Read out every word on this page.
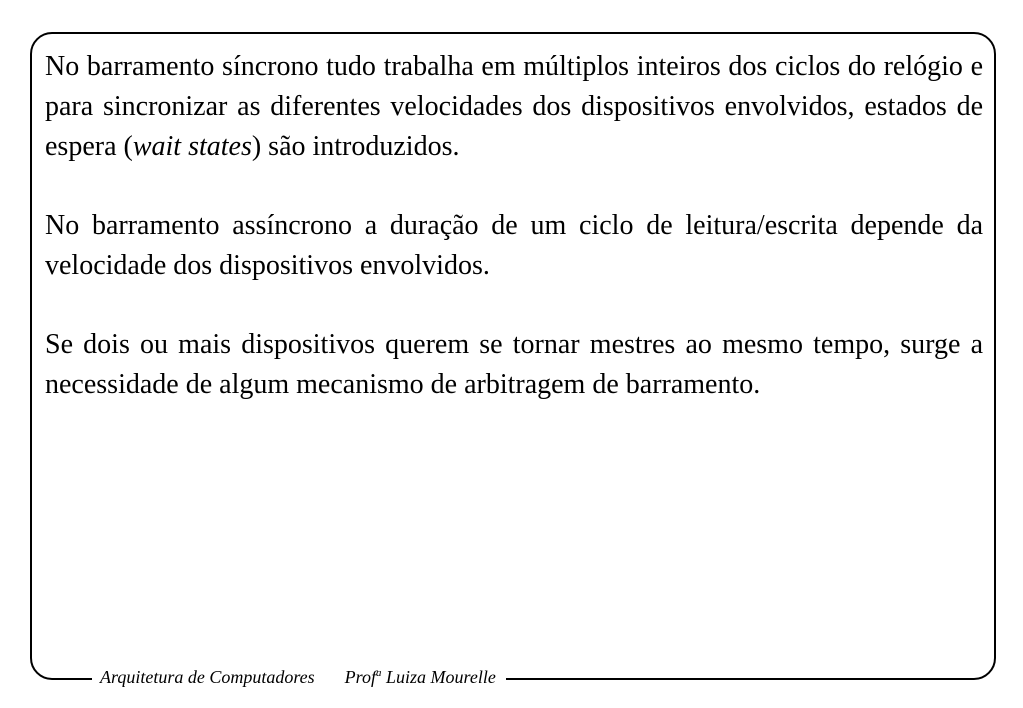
No barramento síncrono tudo trabalha em múltiplos inteiros dos ciclos do relógio e para sincronizar as diferentes velocidades dos dispositivos envolvidos, estados de espera (wait states) são introduzidos.

No barramento assíncrono a duração de um ciclo de leitura/escrita depende da velocidade dos dispositivos envolvidos.

Se dois ou mais dispositivos querem se tornar mestres ao mesmo tempo, surge a necessidade de algum mecanismo de arbitragem de barramento.

Arquitetura de Computadores Prof$^a$ Luiza Mourelle
